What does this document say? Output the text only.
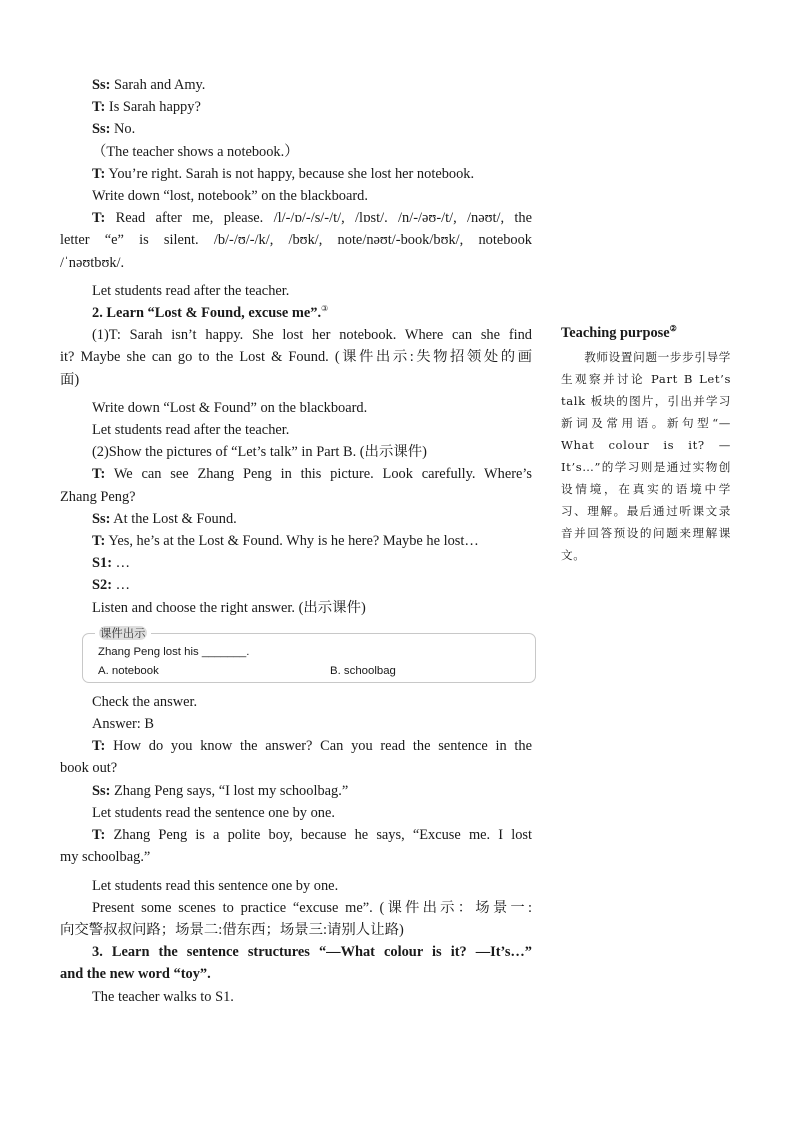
Ss: Sarah and Amy.
T: Is Sarah happy?
Ss: No.
（The teacher shows a notebook.）
T: You’re right. Sarah is not happy, because she lost her notebook.
Write down “lost, notebook” on the blackboard.
T: Read after me, please. /l/-/ɒ/-/s/-/t/, /lɒst/. /n/-/əʊ-/t/, /nəʊt/, the
letter “e” is silent. /b/-/ʊ/-/k/, /bʊk/, note/nəʊt/-book/bʊk/, notebook
/ˈnəʊtbʊk/.
Let students read after the teacher.
2. Learn “Lost & Found, excuse me”.③
(1)T: Sarah isn’t happy. She lost her notebook. Where can she find
it? Maybe she can go to the Lost & Found. (课件出示:失物招领处的画
面)
Write down “Lost & Found” on the blackboard.
Let students read after the teacher.
(2)Show the pictures of “Let’s talk” in Part B. (出示课件)
T: We can see Zhang Peng in this picture. Look carefully. Where’s
Zhang Peng?
Ss: At the Lost & Found.
T: Yes, he’s at the Lost & Found. Why is he here? Maybe he lost…
S1: …
S2: …
Listen and choose the right answer. (出示课件)
课件出示
Zhang Peng lost his _______.
A. notebook	B. schoolbag
Check the answer.
Answer: B
T: How do you know the answer? Can you read the sentence in the
book out?
Ss: Zhang Peng says, “I lost my schoolbag.”
Let students read the sentence one by one.
T: Zhang Peng is a polite boy, because he says, “Excuse me. I lost
my schoolbag.”
Let students read this sentence one by one.
Present some scenes to practice “excuse me”. (课件出示：场景一:
向交警叔叔问路；场景二:借东西；场景三:请别人让路)
3. Learn the sentence structures “—What colour is it? —It’s…”
and the new word “toy”.
The teacher walks to S1.
Teaching purpose②
教师设置问题一步步引导学生观察并讨论 Part B Let’s talk 板块的图片，引出并学习新词及常用语。新句型“—What colour is it? —It’s…”的学习则是通过实物创设情境，在真实的语境中学习、理解。最后通过听课文录音并回答预设的问题来理解课文。
